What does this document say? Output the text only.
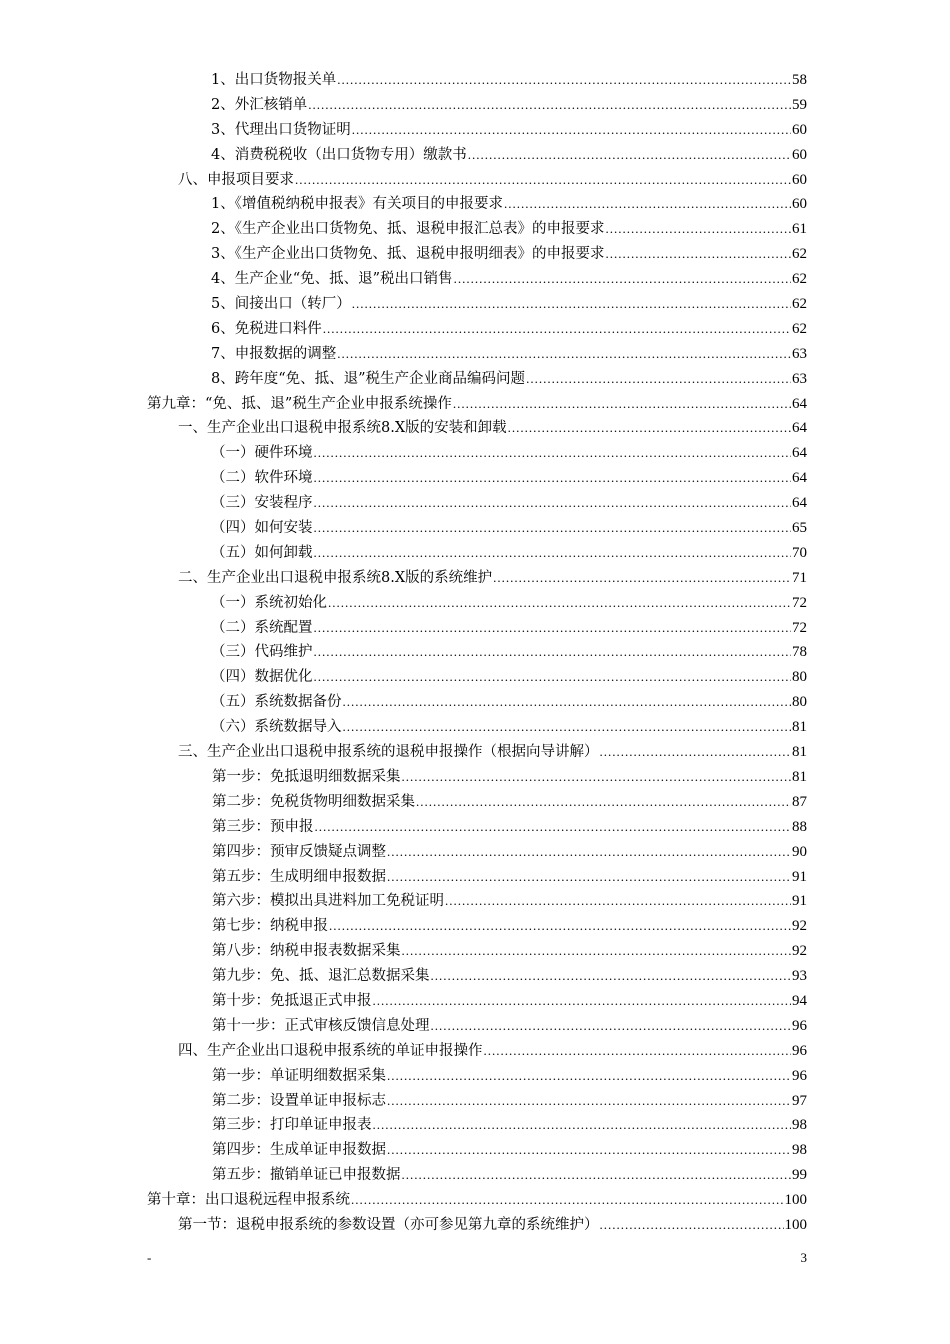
1、出口货物报关单 .....	58
2、外汇核销单 .....	59
3、代理出口货物证明 .....	60
4、消费税税收（出口货物专用）缴款书 .....	60
八、申报项目要求 .....	60
1、《增值税纳税申报表》有关项目的申报要求 .....	60
2、《生产企业出口货物免、抵、退税申报汇总表》的申报要求 .....	61
3、《生产企业出口货物免、抵、退税申报明细表》的申报要求 .....	62
4、生产企业“免、抵、退”税出口销售 .....	62
5、间接出口（转厂） .....	62
6、免税进口料件 .....	62
7、申报数据的调整 .....	63
8、跨年度“免、抵、退”税生产企业商品编码问题 .....	63
第九章：“免、抵、退”税生产企业申报系统操作 .....	64
一、生产企业出口退税申报系统8.X版的安装和卸载 .....	64
（一）硬件环境 .....	64
（二）软件环境 .....	64
（三）安装程序 .....	64
（四）如何安装 .....	65
（五）如何卸载 .....	70
二、生产企业出口退税申报系统8.X版的系统维护 .....	71
（一）系统初始化 .....	72
（二）系统配置 .....	72
（三）代码维护 .....	78
（四）数据优化 .....	80
（五）系统数据备份 .....	80
（六）系统数据导入 .....	81
三、生产企业出口退税申报系统的退税申报操作（根据向导讲解） .....	81
第一步：免抵退明细数据采集 .....	81
第二步：免税货物明细数据采集 .....	87
第三步：预申报 .....	88
第四步：预审反馈疑点调整 .....	90
第五步：生成明细申报数据 .....	91
第六步：模拟出具进料加工免税证明 .....	91
第七步：纳税申报 .....	92
第八步：纳税申报表数据采集 .....	92
第九步：免、抵、退汇总数据采集 .....	93
第十步：免抵退正式申报 .....	94
第十一步：正式审核反馈信息处理 .....	96
四、生产企业出口退税申报系统的单证申报操作 .....	96
第一步：单证明细数据采集 .....	96
第二步：设置单证申报标志 .....	97
第三步：打印单证申报表 .....	98
第四步：生成单证申报数据 .....	98
第五步：撤销单证已申报数据 .....	99
第十章：出口退税远程申报系统 .....	100
第一节：退税申报系统的参数设置（亦可参见第九章的系统维护） .....	100
-	3
